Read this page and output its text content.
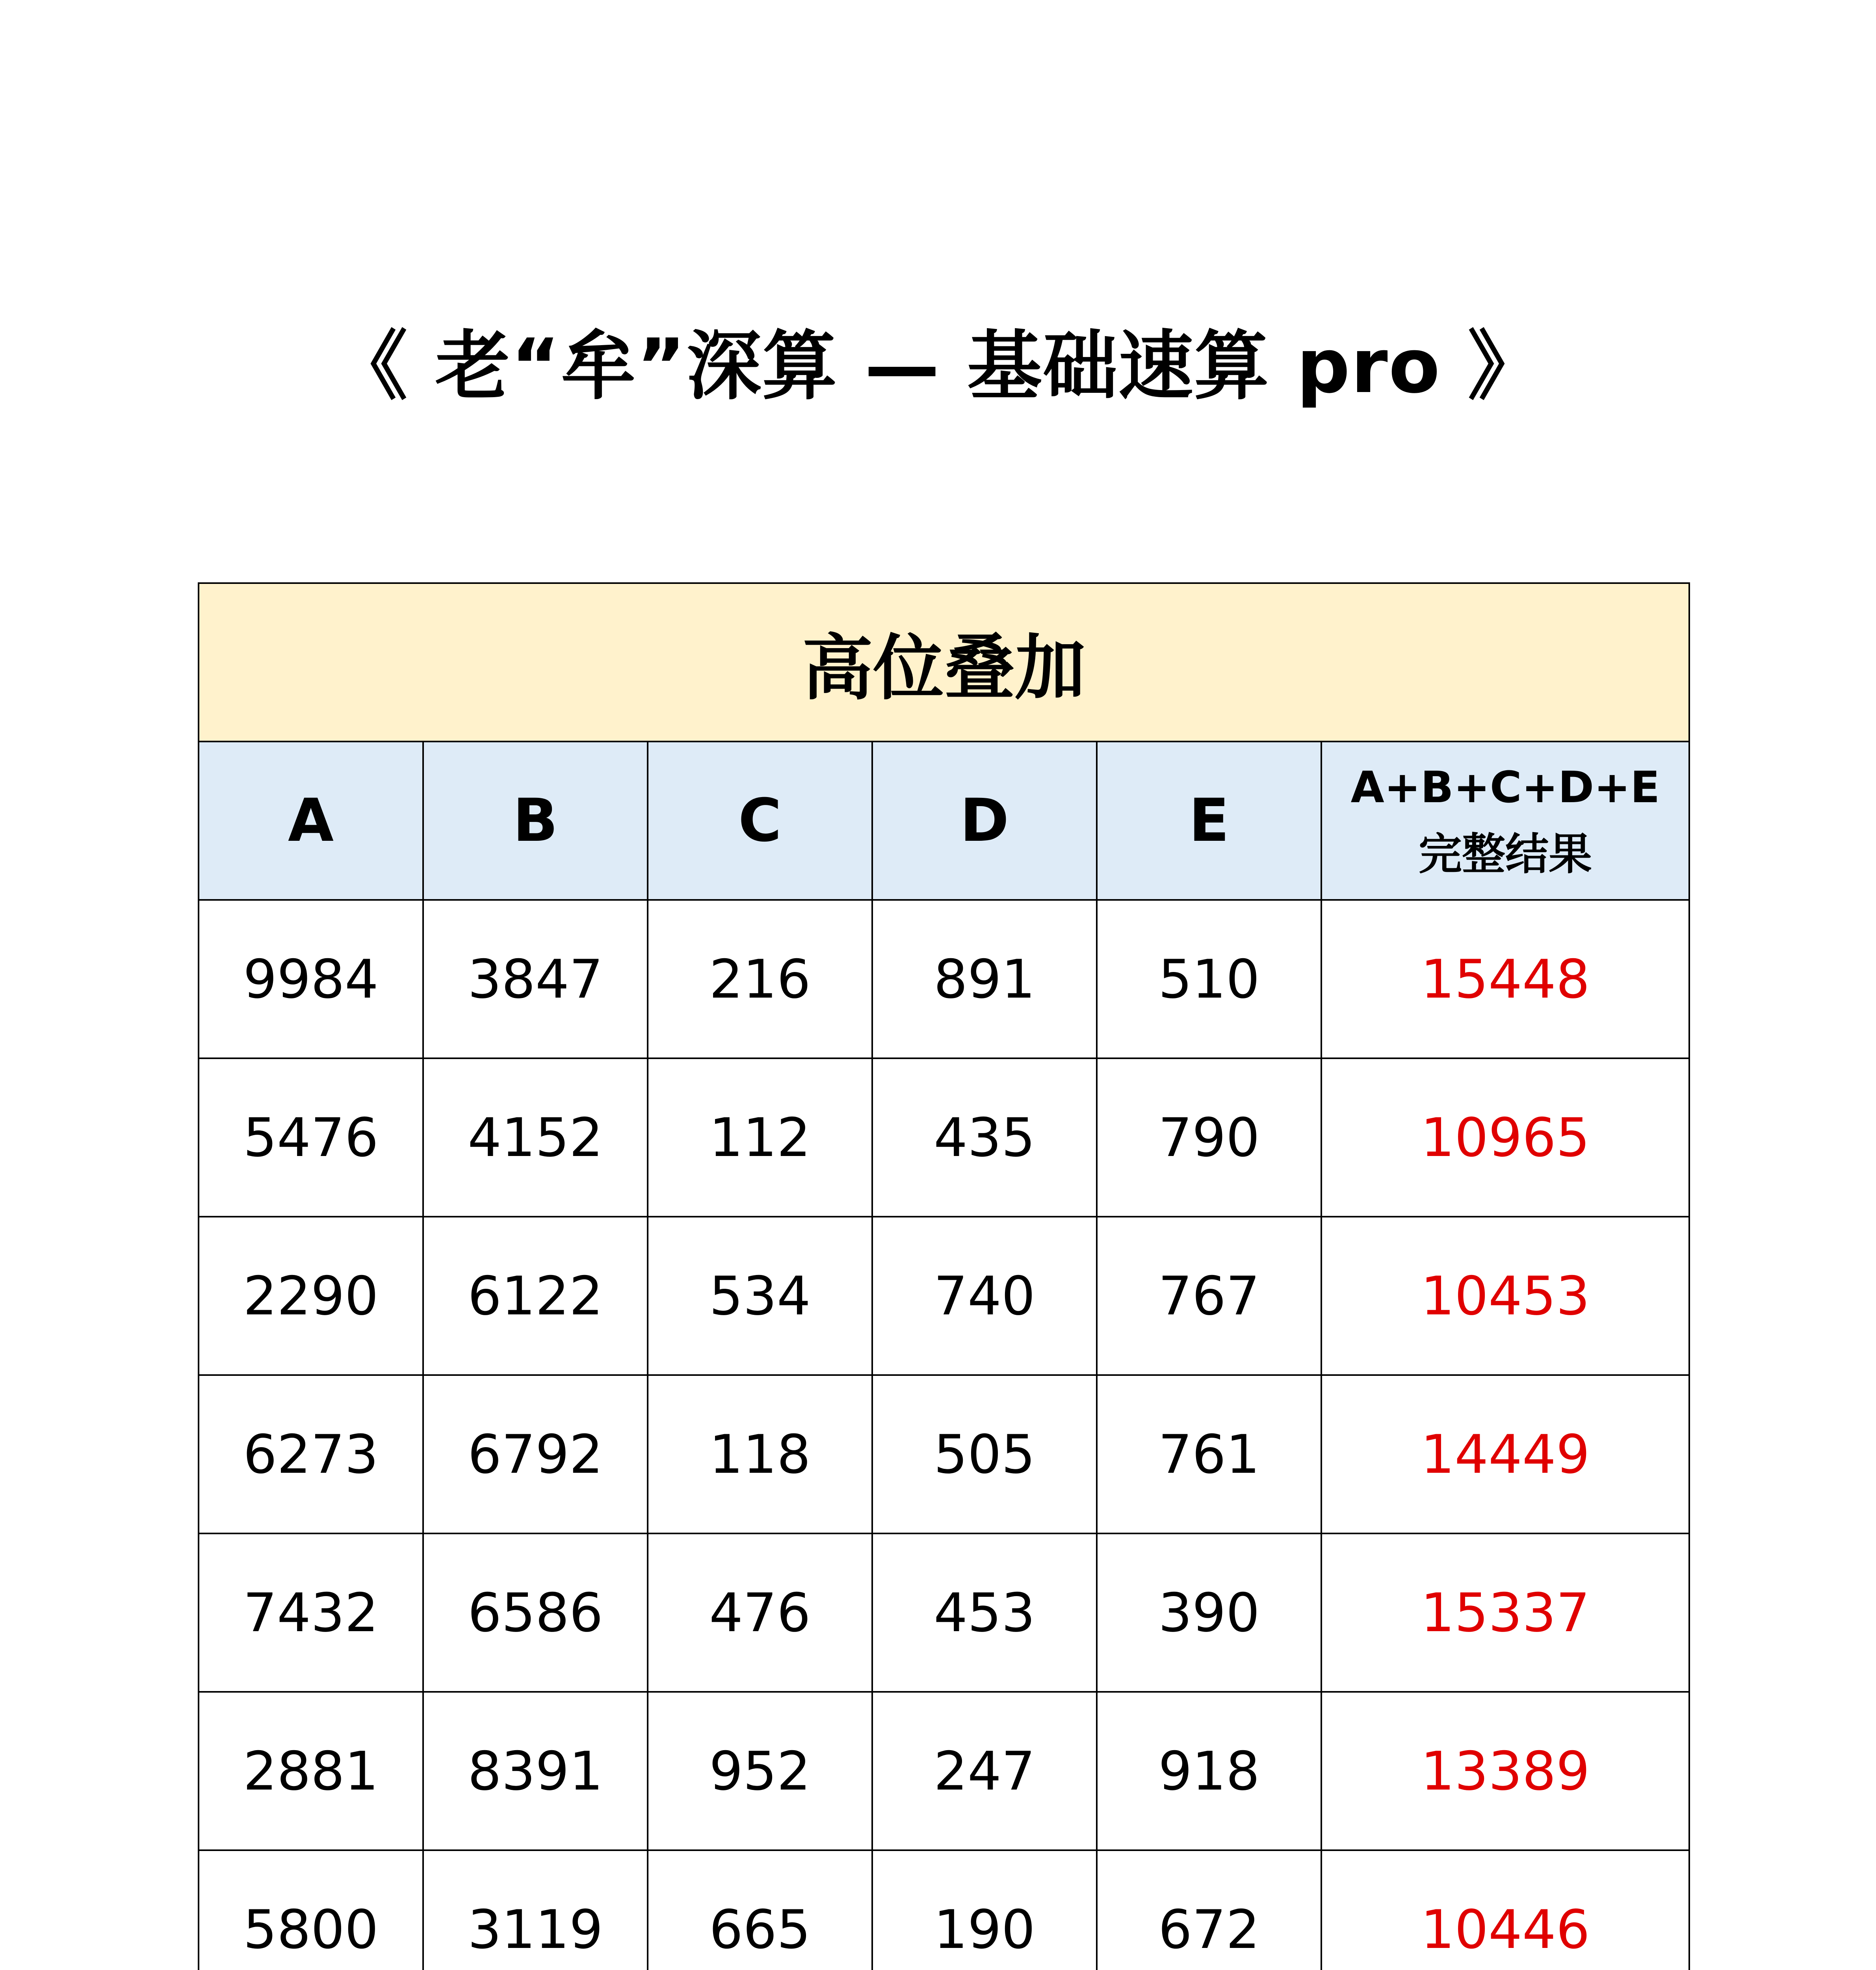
《 老“牟”深算 — 基础速算 pro 》
高位叠加					
A	B	C	D	E	A+B+C+D+E
完整结果

9984	3847	216	891	510	15448
5476	4152	112	435	790	10965
2290	6122	534	740	767	10453
6273	6792	118	505	761	14449
7432	6586	476	453	390	15337
2881	8391	952	247	918	13389
5800	3119	665	190	672	10446
